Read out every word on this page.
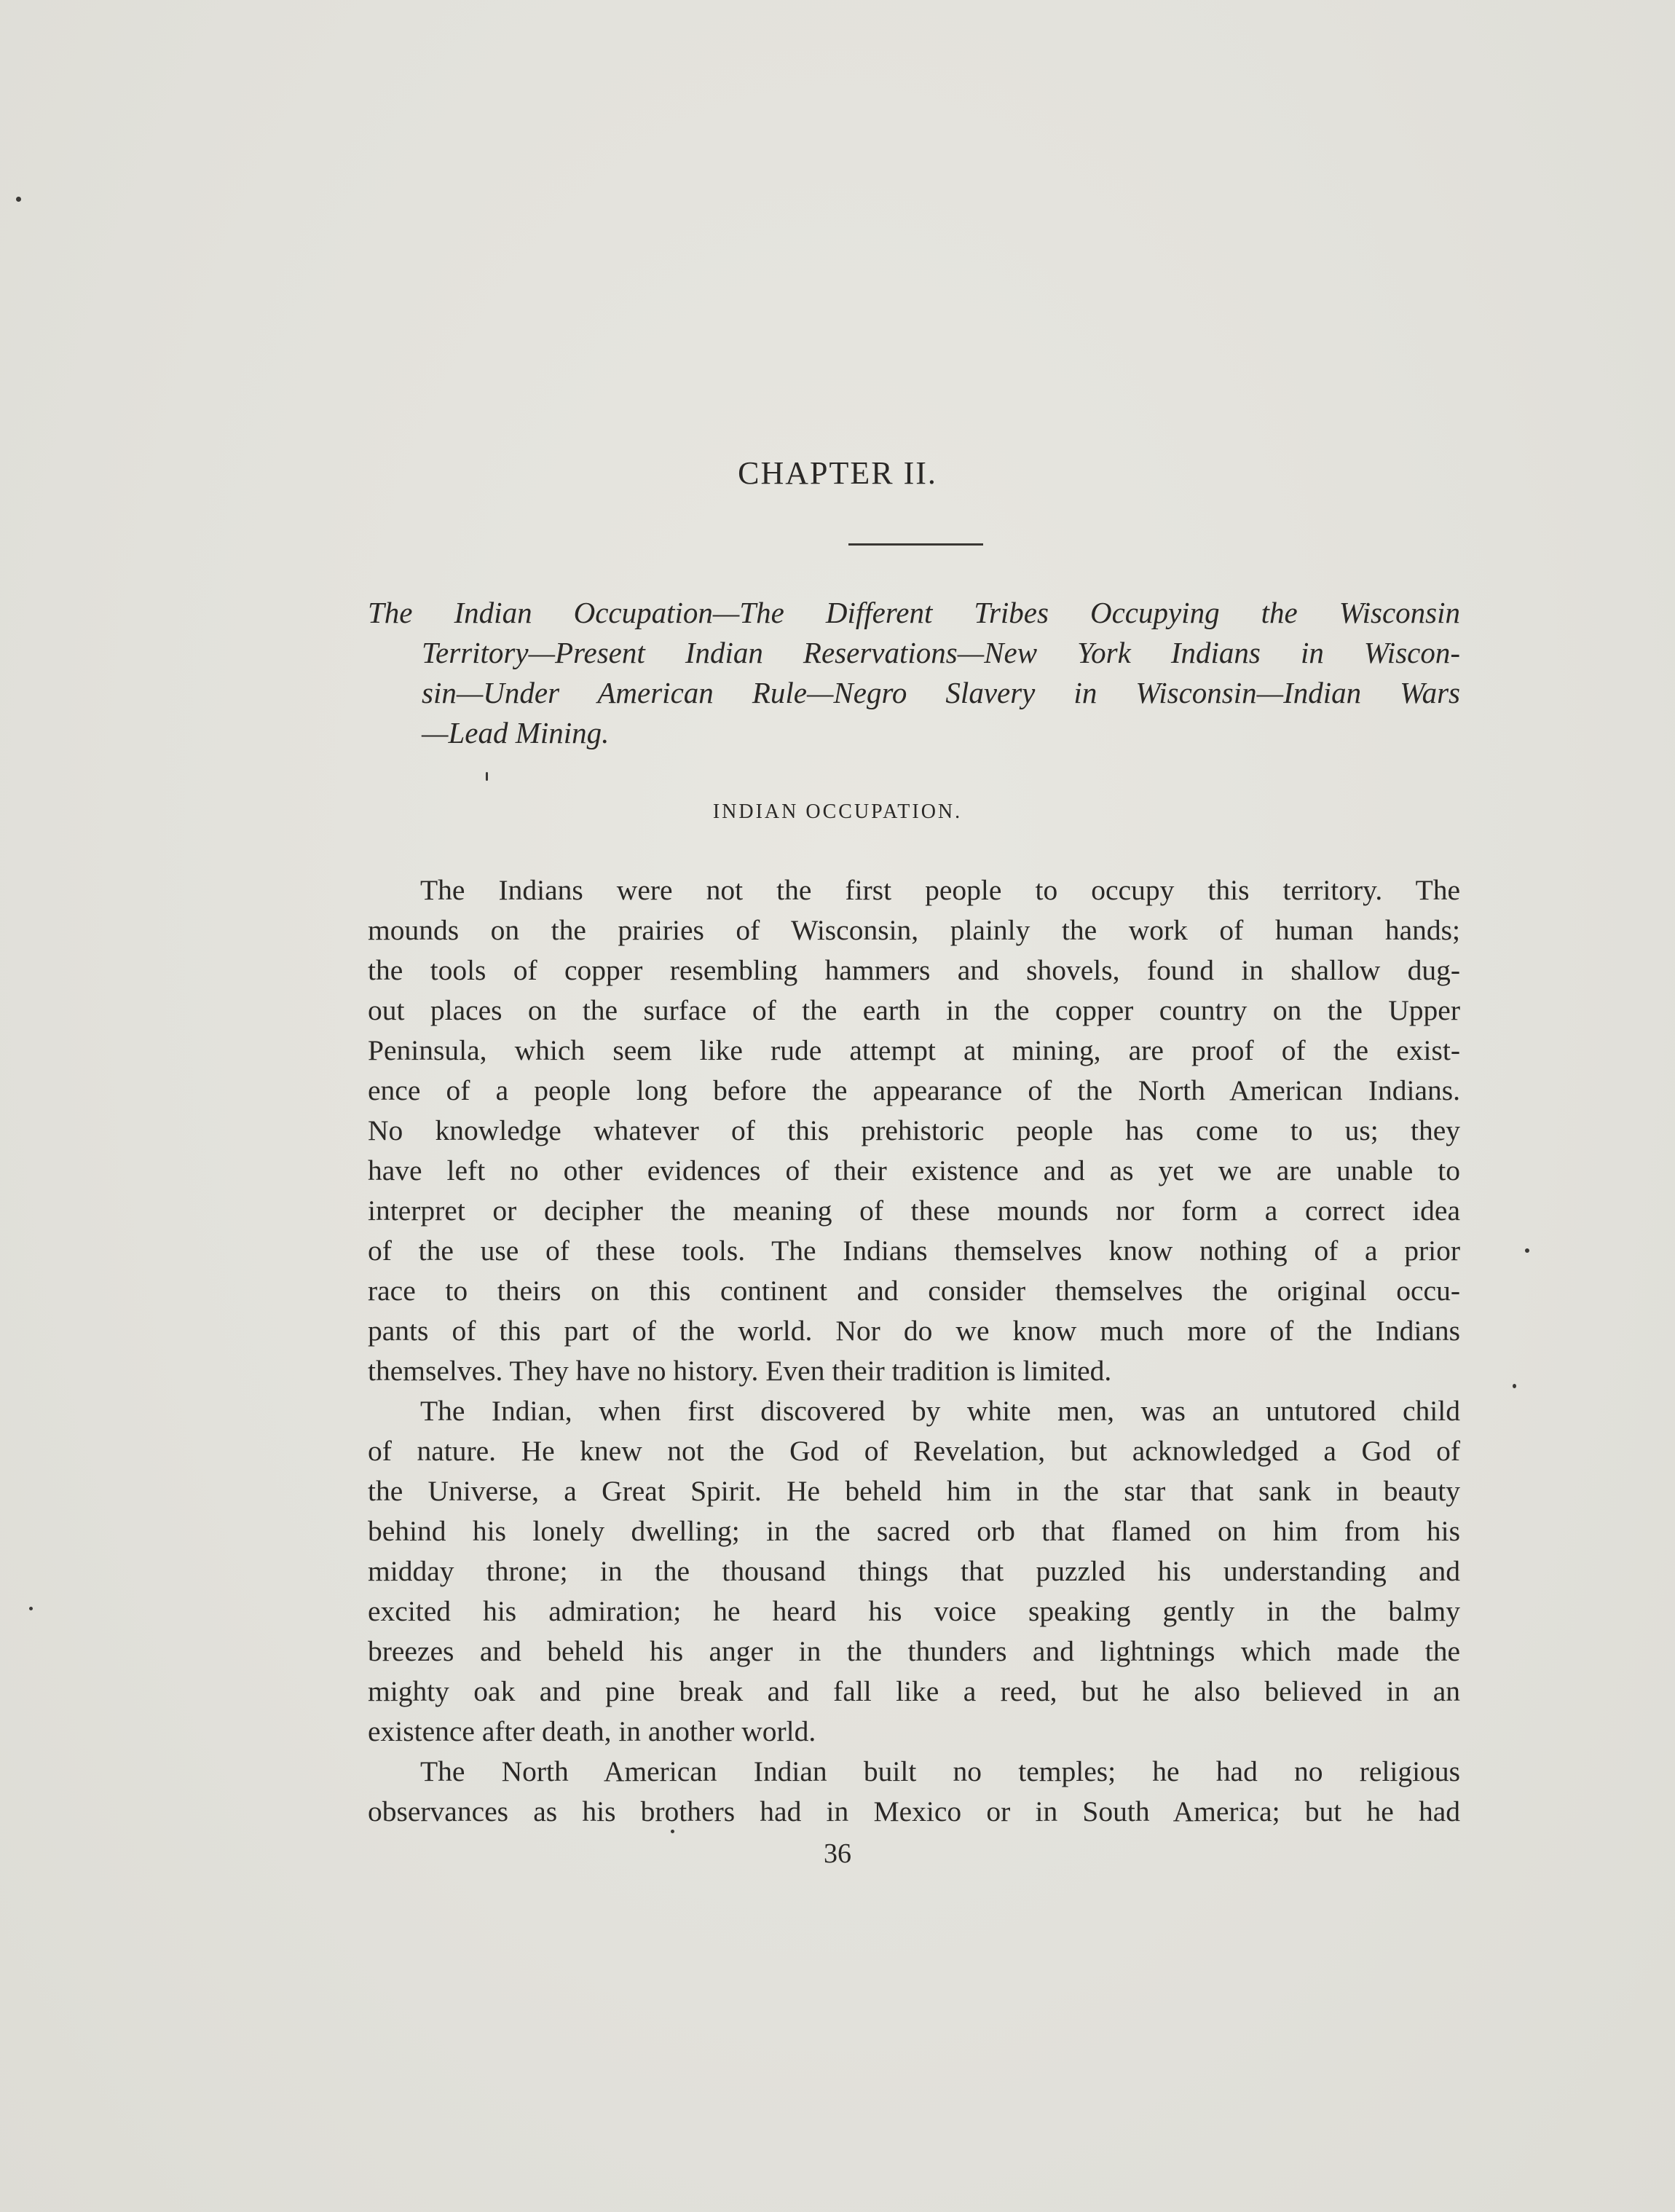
CHAPTER II.
The Indian Occupation—The Different Tribes Occupying the Wisconsin
Territory—Present Indian Reservations—New York Indians in Wiscon-
sin—Under American Rule—Negro Slavery in Wisconsin—Indian Wars
—Lead Mining.
INDIAN OCCUPATION.
The Indians were not the first people to occupy this territory. The
mounds on the prairies of Wisconsin, plainly the work of human hands;
the tools of copper resembling hammers and shovels, found in shallow dug-
out places on the surface of the earth in the copper country on the Upper
Peninsula, which seem like rude attempt at mining, are proof of the exist-
ence of a people long before the appearance of the North American Indians.
No knowledge whatever of this prehistoric people has come to us; they
have left no other evidences of their existence and as yet we are unable to
interpret or decipher the meaning of these mounds nor form a correct idea
of the use of these tools. The Indians themselves know nothing of a prior
race to theirs on this continent and consider themselves the original occu-
pants of this part of the world. Nor do we know much more of the Indians
themselves. They have no history. Even their tradition is limited.
The Indian, when first discovered by white men, was an untutored child
of nature. He knew not the God of Revelation, but acknowledged a God of
the Universe, a Great Spirit. He beheld him in the star that sank in beauty
behind his lonely dwelling; in the sacred orb that flamed on him from his
midday throne; in the thousand things that puzzled his understanding and
excited his admiration; he heard his voice speaking gently in the balmy
breezes and beheld his anger in the thunders and lightnings which made the
mighty oak and pine break and fall like a reed, but he also believed in an
existence after death, in another world.
The North American Indian built no temples; he had no religious
observances as his brothers had in Mexico or in South America; but he had
36
